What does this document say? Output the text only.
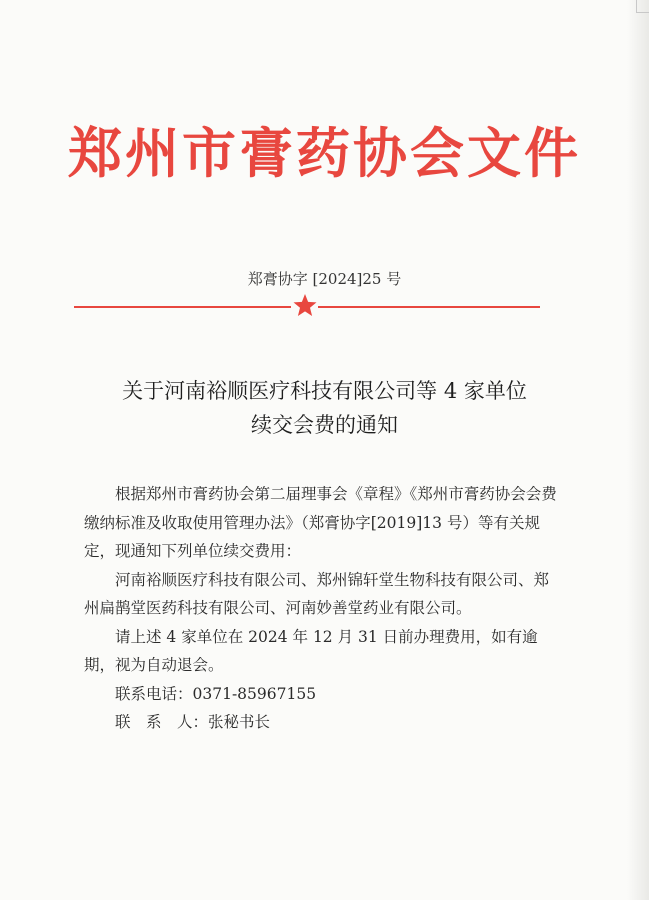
郑州市膏药协会文件
郑膏协字 [2024]25 号
关于河南裕顺医疗科技有限公司等 4 家单位
续交会费的通知

根据郑州市膏药协会第二届理事会《章程》《郑州市膏药协会会费缴纳标准及收取使用管理办法》（郑膏协字[2019]13 号）等有关规定，现通知下列单位续交费用：

河南裕顺医疗科技有限公司、郑州锦轩堂生物科技有限公司、郑州扁鹊堂医药科技有限公司、河南妙善堂药业有限公司。

请上述 4 家单位在 2024 年 12 月 31 日前办理费用，如有逾期，视为自动退会。

联系电话：0371-85967155

联　系　人：张秘书长
